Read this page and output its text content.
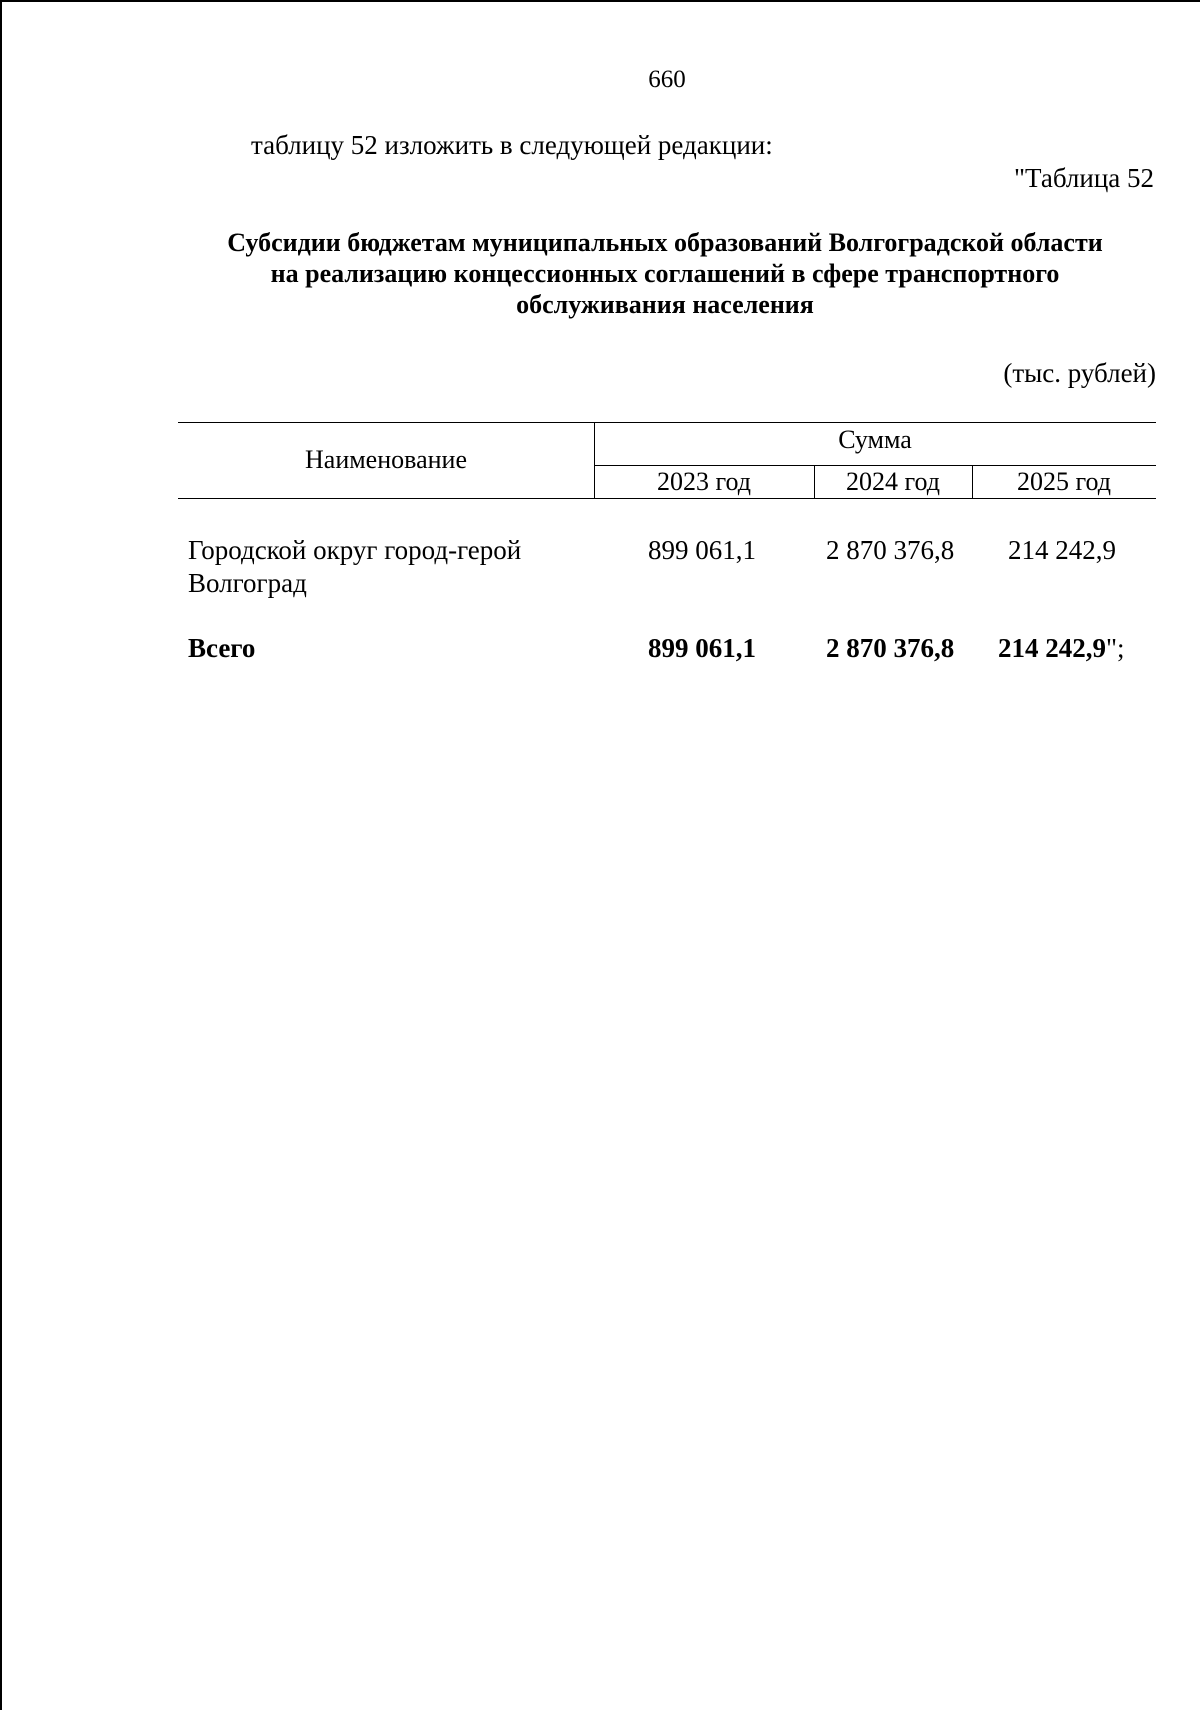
660
таблицу 52 изложить в следующей редакции:
"Таблица 52
Субсидии бюджетам муниципальных образований Волгоградской области
на реализацию концессионных соглашений в сфере транспортного
обслуживания населения
(тыс. рублей)
Наименование
Сумма
2023 год	2024 год	2025 год
Городской округ город-герой
Волгоград
899 061,1	2 870 376,8 214 242,9
Всего	899 061,1	2 870 376,8 214 242,9";
